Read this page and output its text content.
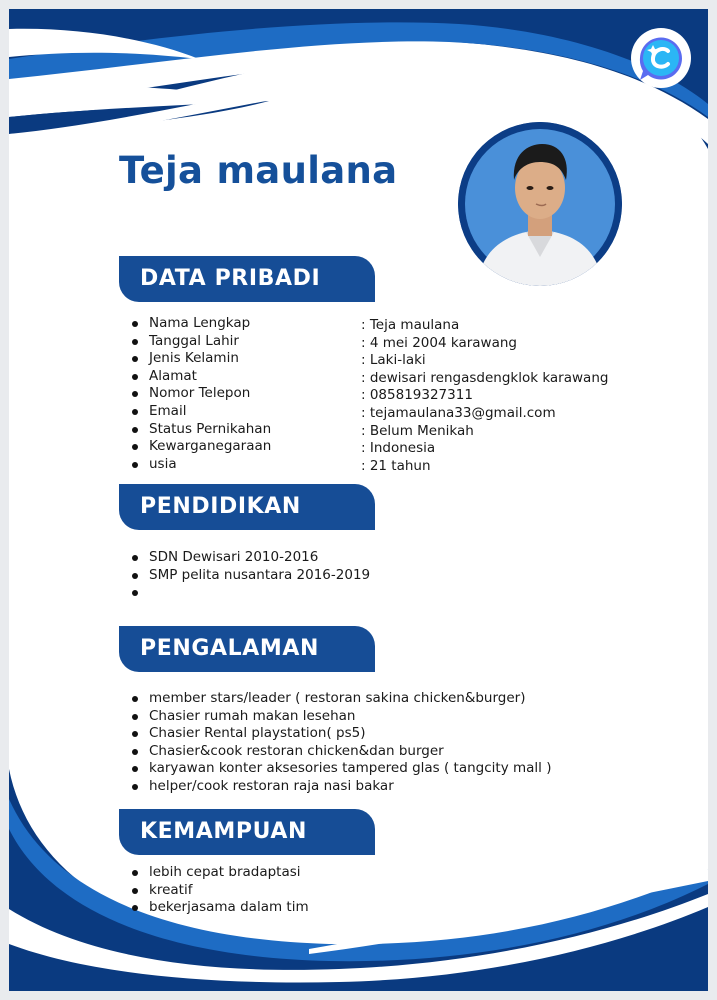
Teja maulana
DATA PRIBADI
Nama Lengkap
Tanggal Lahir
Jenis Kelamin
Alamat
Nomor Telepon
Email
Status Pernikahan
Kewarganegaraan
usia
: Teja maulana
: 4 mei 2004 karawang
: Laki-laki
: dewisari rengasdengklok karawang
: 085819327311
: tejamaulana33@gmail.com
: Belum Menikah
: Indonesia
: 21 tahun
PENDIDIKAN
SDN Dewisari 2010-2016
SMP pelita nusantara 2016-2019
PENGALAMAN
member stars/leader ( restoran sakina chicken&burger)
Chasier rumah makan lesehan
Chasier Rental playstation( ps5)
Chasier&cook restoran chicken&dan burger
karyawan konter aksesories tampered glas ( tangcity mall )
helper/cook restoran raja nasi bakar
KEMAMPUAN
lebih cepat bradaptasi
kreatif
bekerjasama dalam tim
